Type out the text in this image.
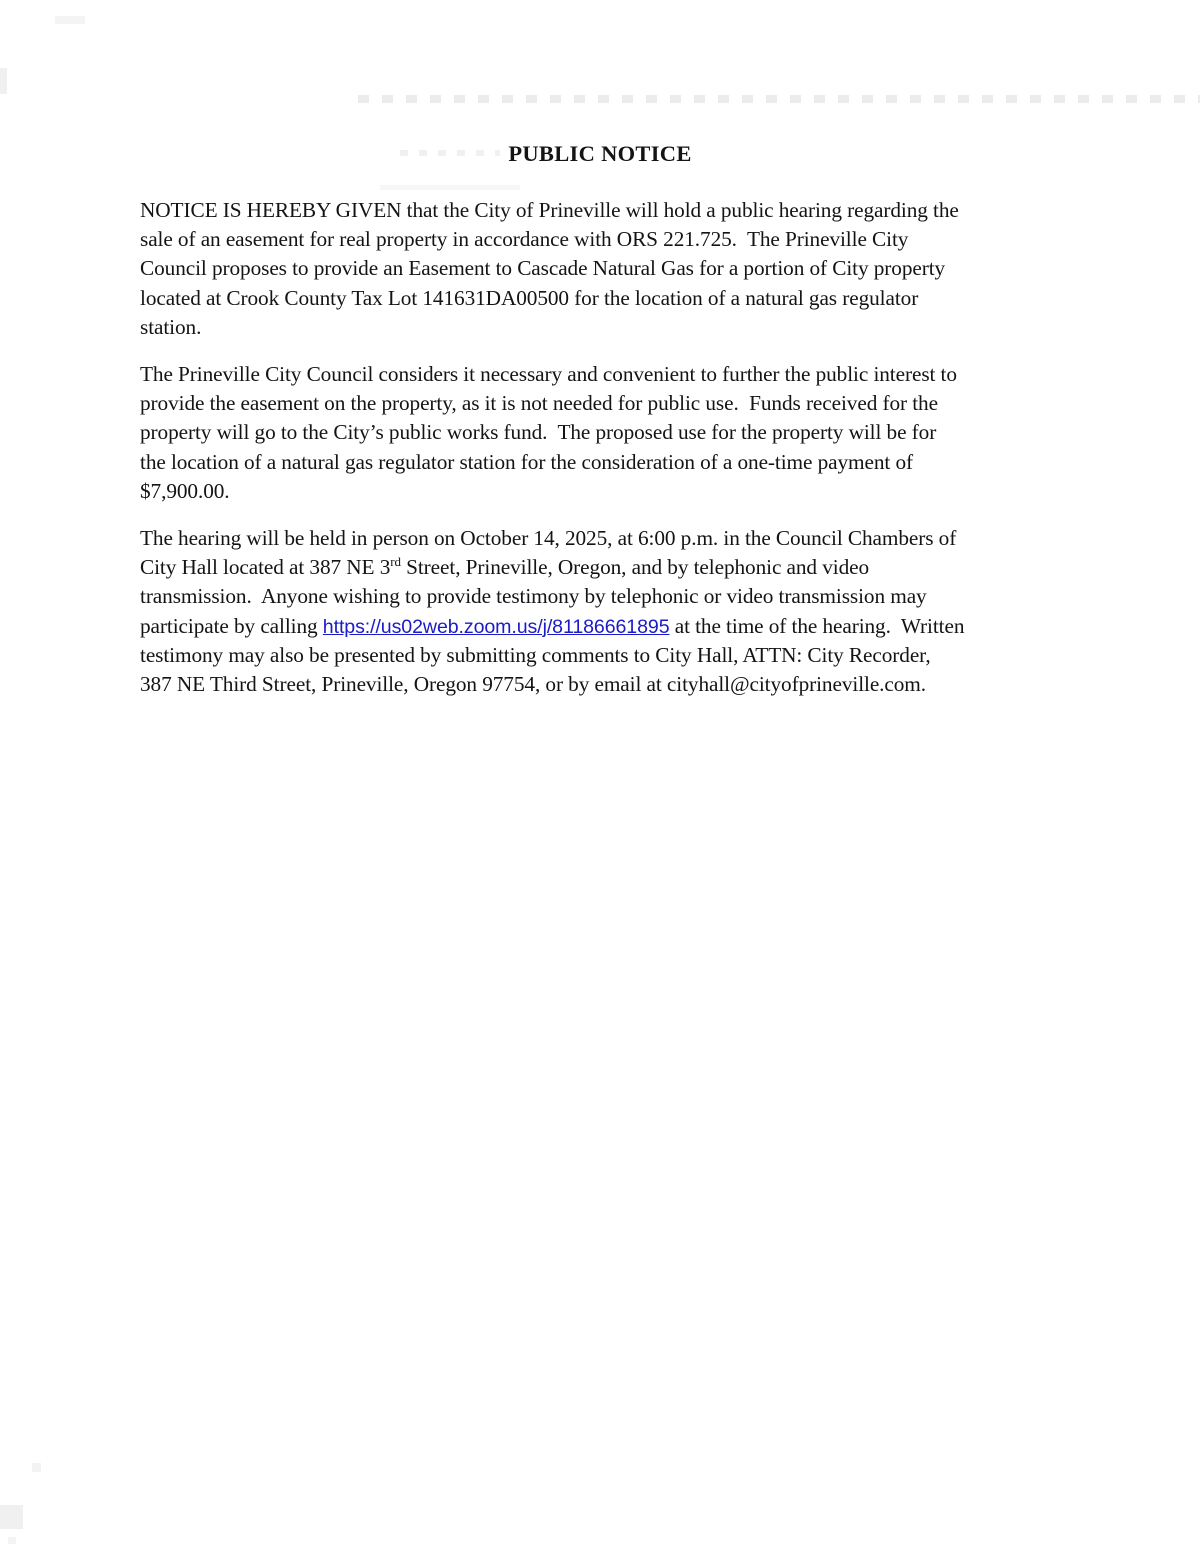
PUBLIC NOTICE
NOTICE IS HEREBY GIVEN that the City of Prineville will hold a public hearing regarding the
sale of an easement for real property in accordance with ORS 221.725.  The Prineville City
Council proposes to provide an Easement to Cascade Natural Gas for a portion of City property
located at Crook County Tax Lot 141631DA00500 for the location of a natural gas regulator
station.
The Prineville City Council considers it necessary and convenient to further the public interest to
provide the easement on the property, as it is not needed for public use.  Funds received for the
property will go to the City’s public works fund.  The proposed use for the property will be for
the location of a natural gas regulator station for the consideration of a one-time payment of
$7,900.00.
The hearing will be held in person on October 14, 2025, at 6:00 p.m. in the Council Chambers of
City Hall located at 387 NE 3rd Street, Prineville, Oregon, and by telephonic and video
transmission.  Anyone wishing to provide testimony by telephonic or video transmission may
participate by calling https://us02web.zoom.us/j/81186661895 at the time of the hearing.  Written
testimony may also be presented by submitting comments to City Hall, ATTN: City Recorder,
387 NE Third Street, Prineville, Oregon 97754, or by email at cityhall@cityofprineville.com.
